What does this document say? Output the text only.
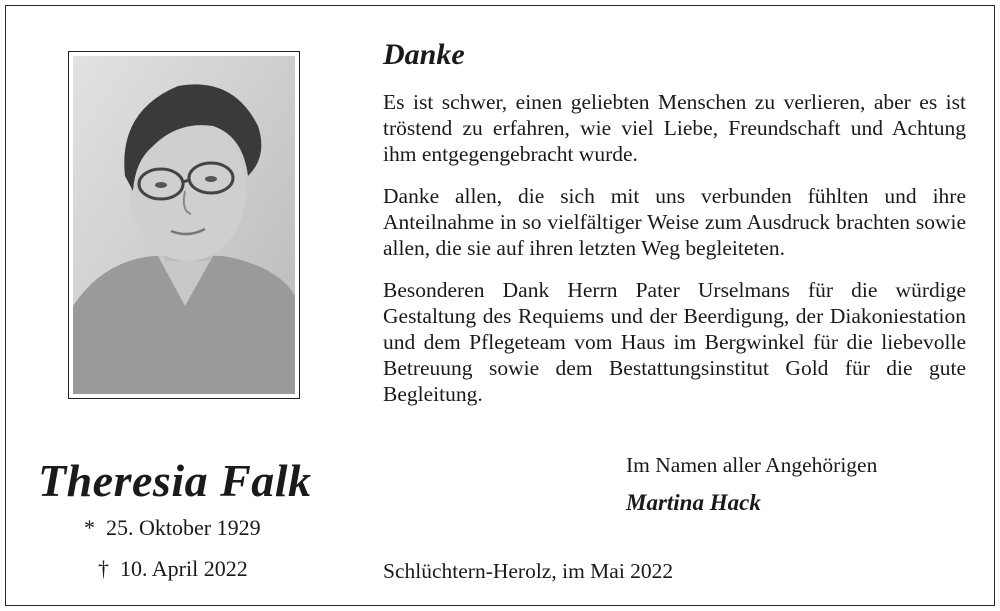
Danke

Es ist schwer, einen geliebten Menschen zu verlieren, aber es ist tröstend zu erfahren, wie viel Liebe, Freundschaft und Achtung ihm entgegengebracht wurde.

Danke allen, die sich mit uns verbunden fühlten und ihre Anteilnahme in so vielfältiger Weise zum Ausdruck brachten sowie allen, die sie auf ihren letzten Weg begleiteten.

Besonderen Dank Herrn Pater Urselmans für die würdige Gestaltung des Requiems und der Beerdigung, der Diakoniestation und dem Pflegeteam vom Haus im Bergwinkel für die liebevolle Betreuung sowie dem Bestattungsinstitut Gold für die gute Begleitung.

Theresia Falk
* 25. Oktober 1929
† 10. April 2022
Im Namen aller Angehörigen
Martina Hack
Schlüchtern-Herolz, im Mai 2022
